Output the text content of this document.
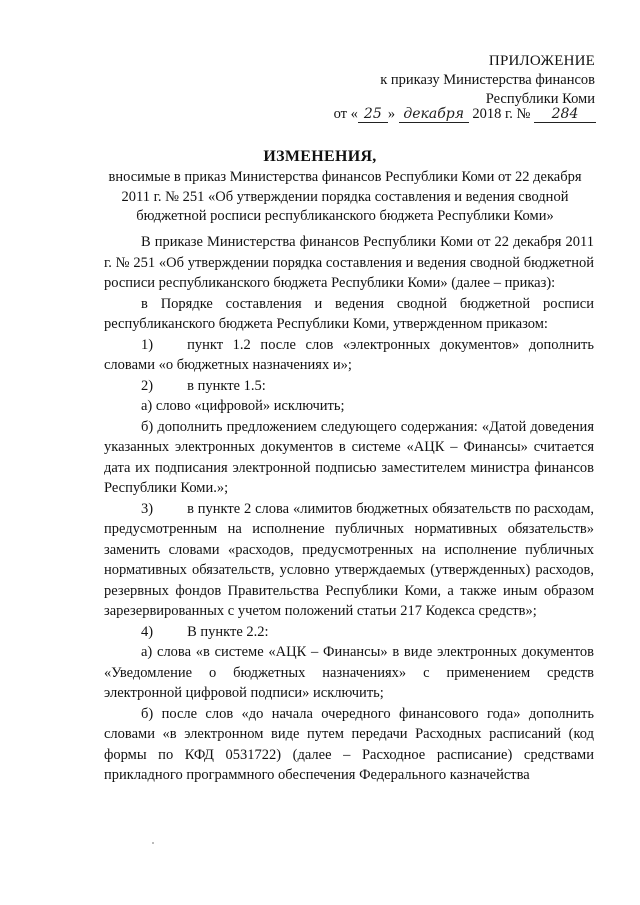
ПРИЛОЖЕНИЕ
к приказу Министерства финансов
Республики Коми
от « 25 » декабря 2018 г. № 284
ИЗМЕНЕНИЯ,
вносимые в приказ Министерства финансов Республики Коми от 22 декабря 2011 г. № 251 «Об утверждении порядка составления и ведения сводной бюджетной росписи республиканского бюджета Республики Коми»

В приказе Министерства финансов Республики Коми от 22 декабря 2011 г. № 251 «Об утверждении порядка составления и ведения сводной бюджетной росписи республиканского бюджета Республики Коми» (далее – приказ):

в Порядке составления и ведения сводной бюджетной росписи республиканского бюджета Республики Коми, утвержденном приказом:

1) пункт 1.2 после слов «электронных документов» дополнить словами «о бюджетных назначениях и»;

2) в пункте 1.5:

а) слово «цифровой» исключить;

б) дополнить предложением следующего содержания: «Датой доведения указанных электронных документов в системе «АЦК – Финансы» считается дата их подписания электронной подписью заместителем министра финансов Республики Коми.»;

3) в пункте 2 слова «лимитов бюджетных обязательств по расходам, предусмотренным на исполнение публичных нормативных обязательств» заменить словами «расходов, предусмотренных на исполнение публичных нормативных обязательств, условно утверждаемых (утвержденных) расходов, резервных фондов Правительства Республики Коми, а также иным образом зарезервированных с учетом положений статьи 217 Кодекса средств»;

4) В пункте 2.2:

а) слова «в системе «АЦК – Финансы» в виде электронных документов «Уведомление о бюджетных назначениях» с применением средств электронной цифровой подписи» исключить;

б) после слов «до начала очередного финансового года» дополнить словами «в электронном виде путем передачи Расходных расписаний (код формы по КФД 0531722) (далее – Расходное расписание) средствами прикладного программного обеспечения Федерального казначейства
